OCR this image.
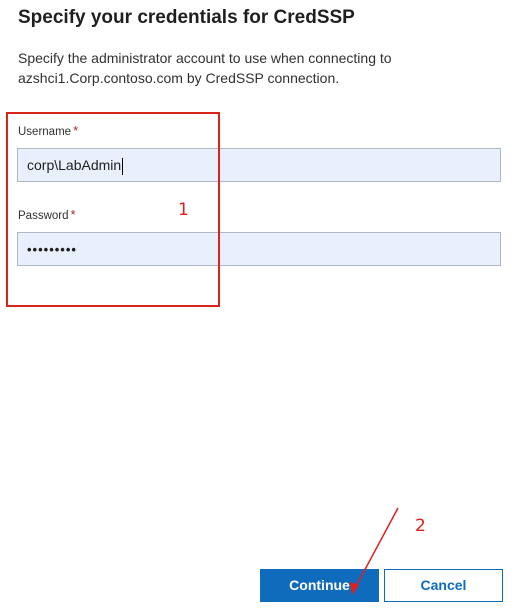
Specify your credentials for CredSSP
Specify the administrator account to use when connecting to azshci1.Corp.contoso.com by CredSSP connection.
Username *
corp\LabAdmin
Password *
•••••••••
1
2
Continue	Cancel
